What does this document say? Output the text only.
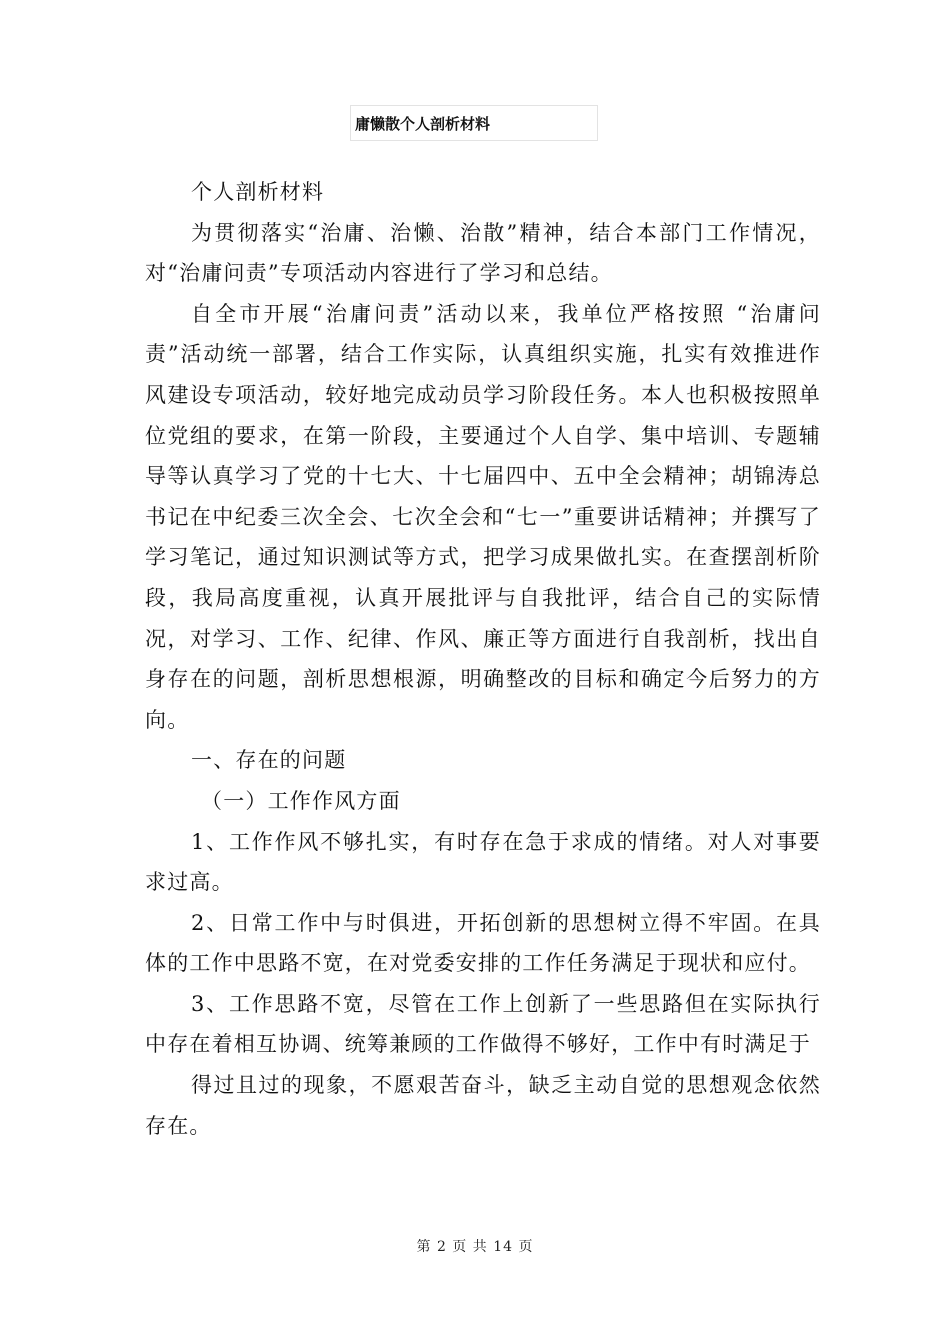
庸懒散个人剖析材料

个人剖析材料

为贯彻落实“治庸、治懒、治散”精神，结合本部门工作情况，对“治庸问责”专项活动内容进行了学习和总结。

自全市开展“治庸问责”活动以来，我单位严格按照 “治庸问责”活动统一部署，结合工作实际，认真组织实施，扎实有效推进作风建设专项活动，较好地完成动员学习阶段任务。本人也积极按照单位党组的要求，在第一阶段，主要通过个人自学、集中培训、专题辅导等认真学习了党的十七大、十七届四中、五中全会精神；胡锦涛总书记在中纪委三次全会、七次全会和“七一”重要讲话精神；并撰写了学习笔记，通过知识测试等方式，把学习成果做扎实。在查摆剖析阶段，我局高度重视，认真开展批评与自我批评，结合自己的实际情况，对学习、工作、纪律、作风、廉正等方面进行自我剖析，找出自身存在的问题，剖析思想根源，明确整改的目标和确定今后努力的方向。

一、存在的问题

（一）工作作风方面

1、工作作风不够扎实，有时存在急于求成的情绪。对人对事要求过高。

2、日常工作中与时俱进，开拓创新的思想树立得不牢固。在具体的工作中思路不宽，在对党委安排的工作任务满足于现状和应付。

3、工作思路不宽，尽管在工作上创新了一些思路但在实际执行中存在着相互协调、统筹兼顾的工作做得不够好，工作中有时满足于

得过且过的现象，不愿艰苦奋斗，缺乏主动自觉的思想观念依然存在。

第 2 页 共 14 页
